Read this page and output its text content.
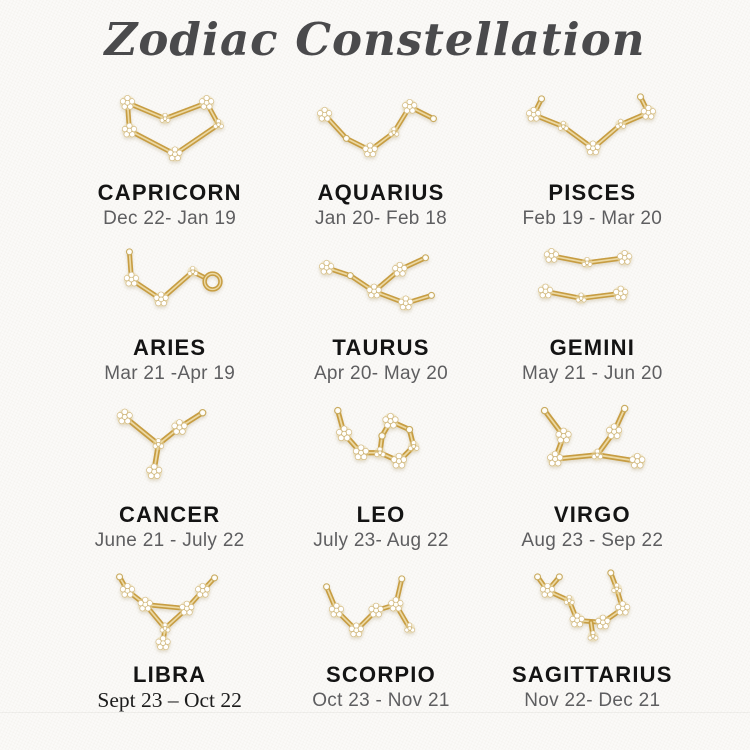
Zodiac Constellation
CAPRICORN
Dec 22- Jan 19
AQUARIUS
Jan 20- Feb 18
PISCES
Feb 19 - Mar 20
ARIES
Mar 21 -Apr 19
TAURUS
Apr 20- May 20
GEMINI
May 21 - Jun 20
CANCER
June 21 - July 22
LEO
July 23- Aug 22
VIRGO
Aug 23 - Sep 22
LIBRA
Sept 23 – Oct 22
SCORPIO
Oct 23 - Nov 21
SAGITTARIUS
Nov 22- Dec 21
